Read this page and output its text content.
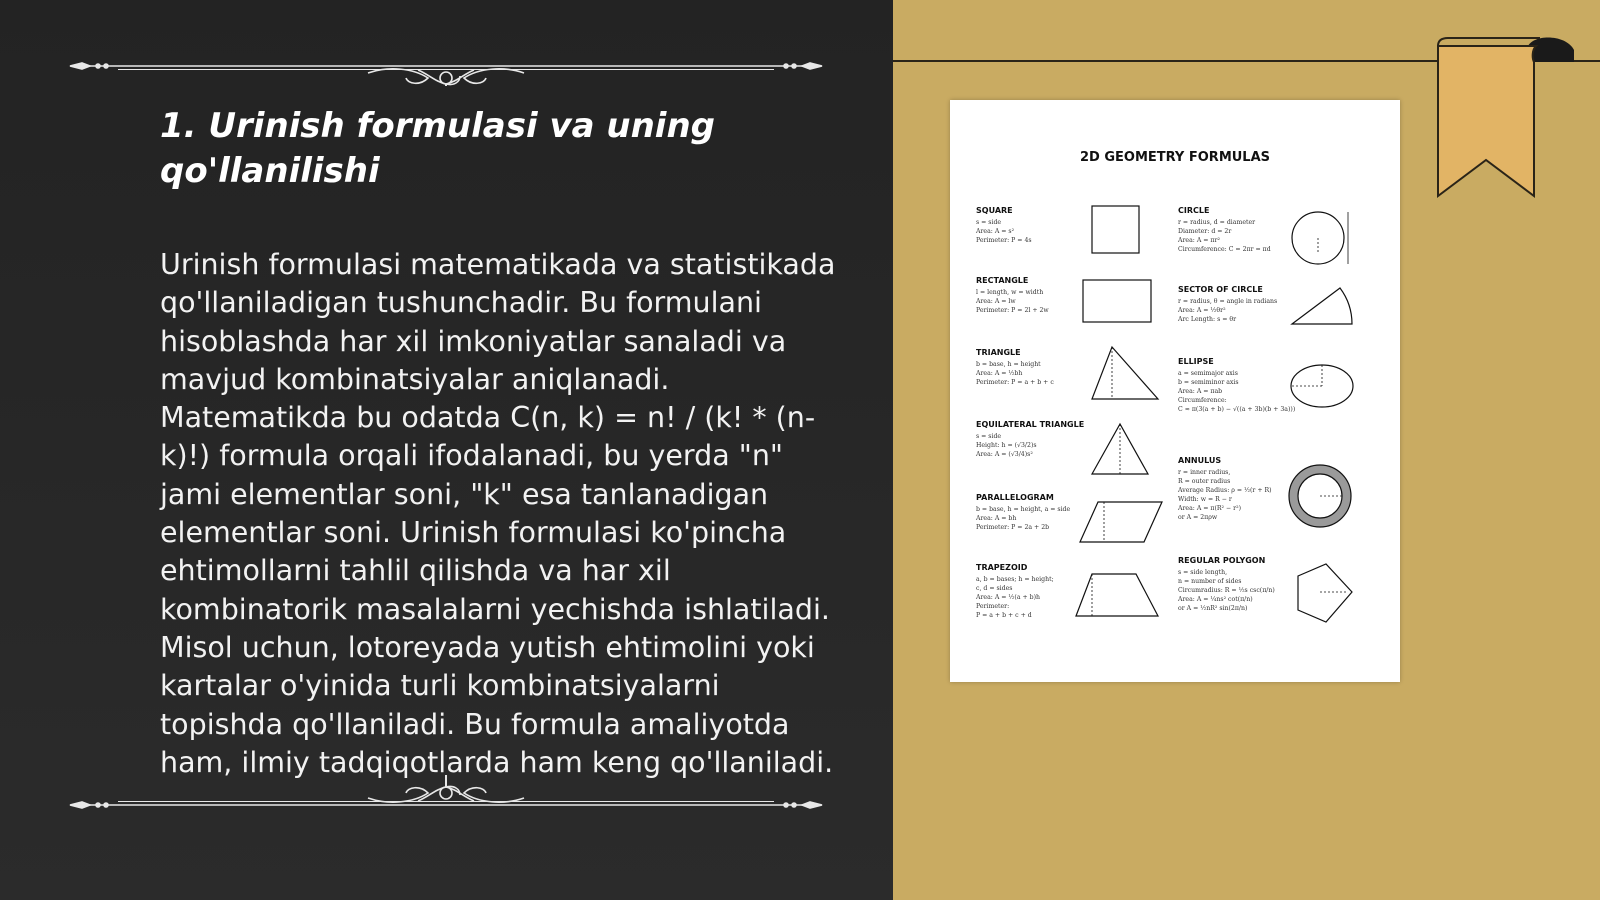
1. Urinish formulasi va uning qo'llanilishi

Urinish formulasi matematikada va statistikada qo'llaniladigan tushunchadir. Bu formulani hisoblashda har xil imkoniyatlar sanaladi va mavjud kombinatsiyalar aniqlanadi. Matematikda bu odatda C(n, k) = n! / (k! * (n-k)!) formula orqali ifodalanadi, bu yerda "n" jami elementlar soni, "k" esa tanlanadigan elementlar soni. Urinish formulasi ko'pincha ehtimollarni tahlil qilishda va har xil kombinatorik masalalarni yechishda ishlatiladi. Misol uchun, lotoreyada yutish ehtimolini yoki kartalar o'yinida turli kombinatsiyalarni topishda qo'llaniladi. Bu formula amaliyotda ham, ilmiy tadqiqotlarda ham keng qo'llaniladi.

2D GEOMETRY FORMULAS
SQUARE
s = side
Area: A = s²
Perimeter: P = 4s
CIRCLE
r = radius, d = diameter
Diameter: d = 2r
Area: A = πr²
Circumference: C = 2πr = πd
RECTANGLE
l = length, w = width
Area: A = lw
Perimeter: P = 2l + 2w
SECTOR OF CIRCLE
r = radius, θ = angle in radians
Area: A = ½θr²
Arc Length: s = θr
TRIANGLE
b = base, h = height
Area: A = ½bh
Perimeter: P = a + b + c
ELLIPSE
a = semimajor axis
b = semiminor axis
Area: A = πab
Circumference:
C ≈ π(3(a + b) − √((a + 3b)(b + 3a)))
EQUILATERAL TRIANGLE
s = side
Height: h = (√3/2)s
Area: A = (√3/4)s²
ANNULUS
r = inner radius,
R = outer radius
Average Radius: ρ = ½(r + R)
Width: w = R − r
Area: A = π(R² − r²)
or A = 2πρw
PARALLELOGRAM
b = base, h = height, a = side
Area: A = bh
Perimeter: P = 2a + 2b
REGULAR POLYGON
s = side length,
n = number of sides
Circumradius: R = ½s csc(π/n)
Area: A = ¼ns² cot(π/n)
or A = ½nR² sin(2π/n)
TRAPEZOID
a, b = bases; h = height;
c, d = sides
Area: A = ½(a + b)h
Perimeter:
P = a + b + c + d
